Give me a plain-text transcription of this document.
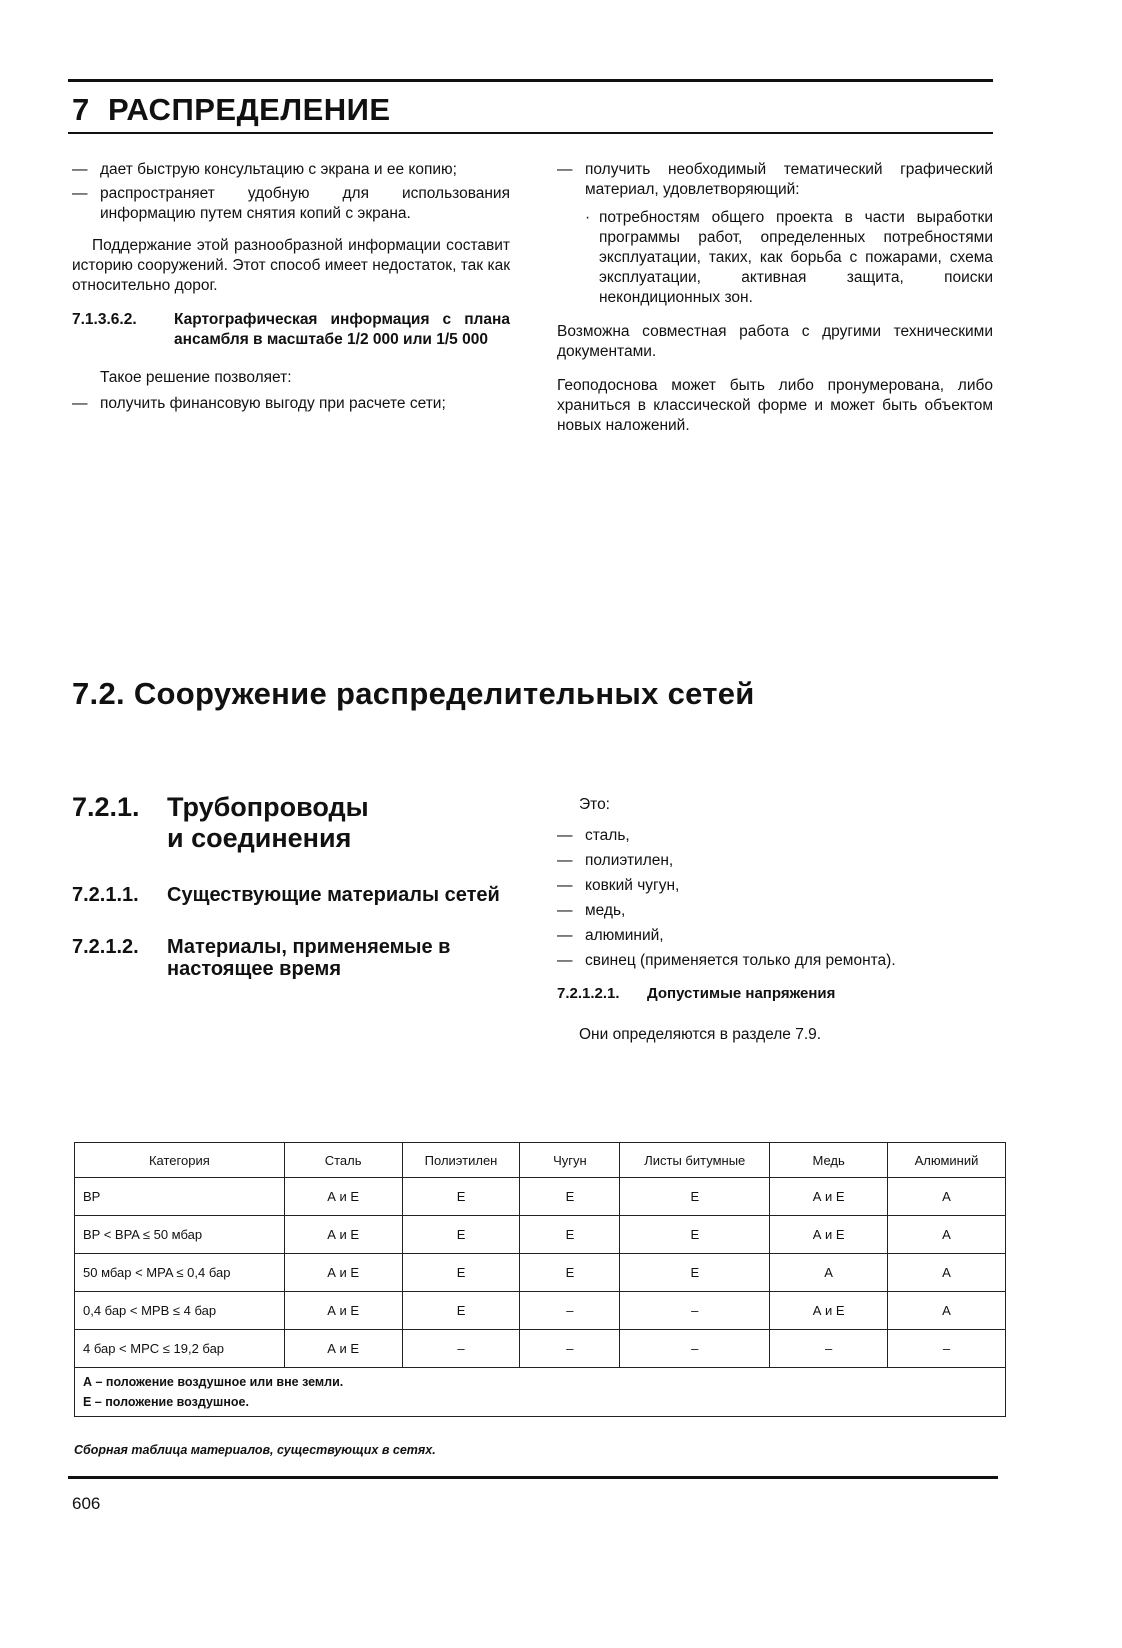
7 РАСПРЕДЕЛЕНИЕ
— дает быструю консультацию с экрана и ее копию;
— распространяет удобную для использования информацию путем снятия копий с экрана.

Поддержание этой разнообразной информации составит историю сооружений. Этот способ имеет недостаток, так как относительно дорог.

7.1.3.6.2.	Картографическая информация с плана ансамбля в масштабе 1/2 000 или 1/5 000

Такое решение позволяет:

— получить финансовую выгоду при расчете сети;
— получить необходимый тематический графический материал, удовлетворяющий:
· потребностям общего проекта в части выработки программы работ, определенных потребностями эксплуатации, таких, как борьба с пожарами, схема эксплуатации, активная защита, поиски некондиционных зон.

Возможна совместная работа с другими техническими документами.

Геоподоснова может быть либо пронумерована, либо храниться в классической форме и может быть объектом новых наложений.

7.2. Сооружение распределительных сетей
7.2.1.	Трубопроводы
и соединения
7.2.1.1.	Существующие материалы сетей
7.2.1.2.	Материалы, применяемые в настоящее время

Это:

— сталь,
— полиэтилен,
— ковкий чугун,
— медь,
— алюминий,
— свинец (применяется только для ремонта).
7.2.1.2.1.	Допустимые напряжения

Они определяются в разделе 7.9.

Категория	Сталь	Полиэтилен	Чугун	Листы битумные	Медь	Алюминий
BP	А и Е	Е	Е	Е	А и Е	А
BP < BPA ≤ 50 мбар	А и Е	Е	Е	Е	А и Е	А
50 мбар < MPA ≤ 0,4 бар	А и Е	Е	Е	Е	А	А
0,4 бар < MPB ≤ 4 бар	А и Е	Е	–	–	А и Е	А
4 бар < MPC ≤ 19,2 бар	А и Е	–	–	–	–	–

А – положение воздушное или вне земли.
Е – положение воздушное.						
Сборная таблица материалов, существующих в сетях.
606
